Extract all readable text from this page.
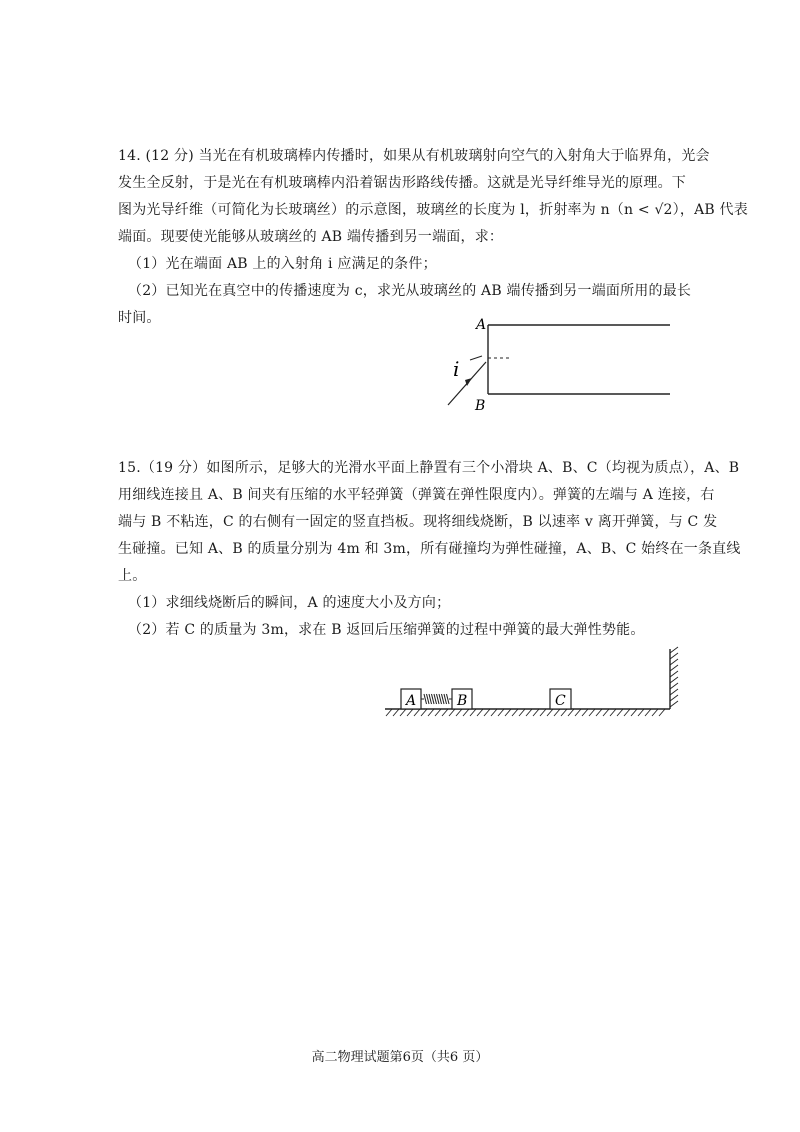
14. (12 分) 当光在有机玻璃棒内传播时，如果从有机玻璃射向空气的入射角大于临界角，光会
发生全反射，于是光在有机玻璃棒内沿着锯齿形路线传播。这就是光导纤维导光的原理。下
图为光导纤维（可简化为长玻璃丝）的示意图，玻璃丝的长度为 l，折射率为 n（n < √2），AB 代表
端面。现要使光能够从玻璃丝的 AB 端传播到另一端面，求：
（1）光在端面 AB 上的入射角 i 应满足的条件；
（2）已知光在真空中的传播速度为 c，求光从玻璃丝的 AB 端传播到另一端面所用的最长
时间。	A
B
i
15.（19 分）如图所示，足够大的光滑水平面上静置有三个小滑块 A、B、C（均视为质点），A、B
用细线连接且 A、B 间夹有压缩的水平轻弹簧（弹簧在弹性限度内）。弹簧的左端与 A 连接，右
端与 B 不粘连，C 的右侧有一固定的竖直挡板。现将细线烧断，B 以速率 v 离开弹簧，与 C 发
生碰撞。已知 A、B 的质量分别为 4m 和 3m，所有碰撞均为弹性碰撞，A、B、C 始终在一条直线
上。
（1）求细线烧断后的瞬间，A 的速度大小及方向；
（2）若 C 的质量为 3m，求在 B 返回后压缩弹簧的过程中弹簧的最大弹性势能。
A	B	C
高二物理试题第6页（共6 页）
